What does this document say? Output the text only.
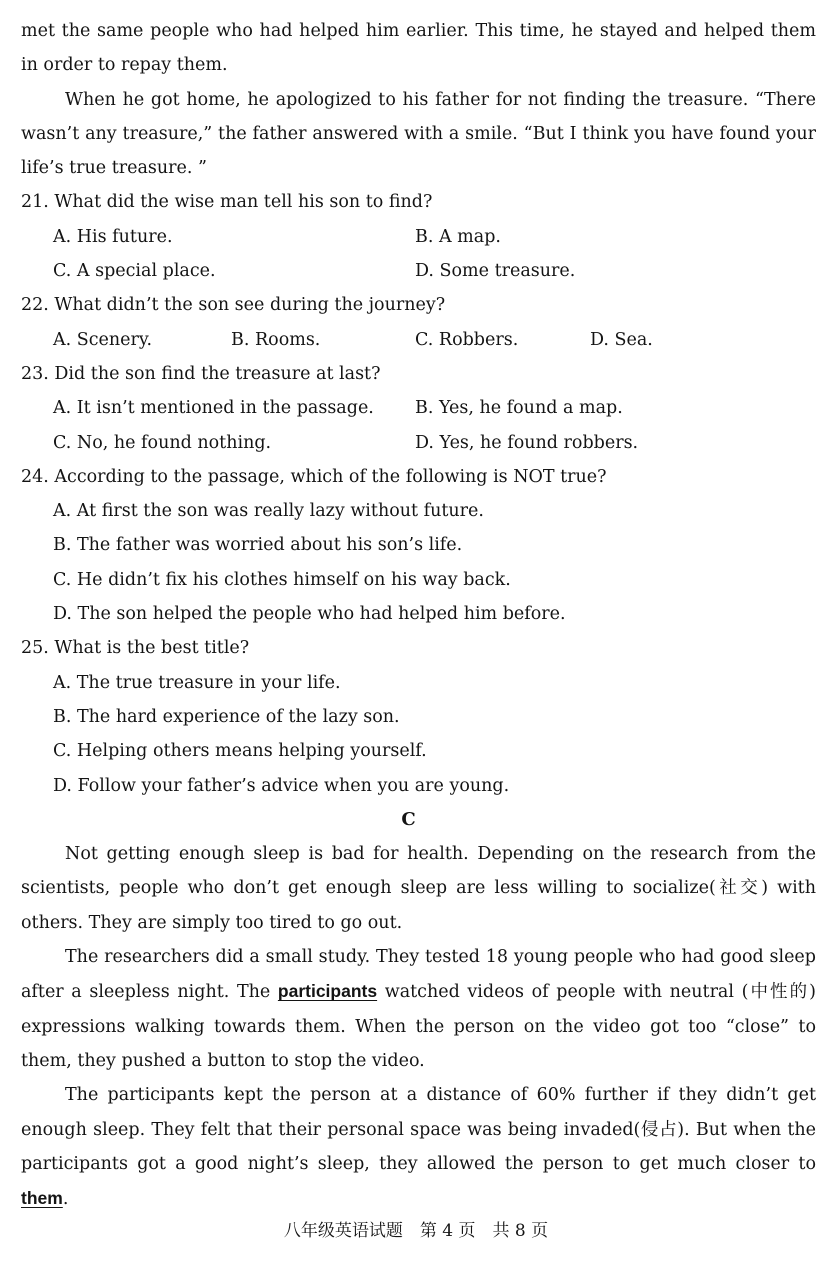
met the same people who had helped him earlier. This time, he stayed and helped them in order to repay them.

When he got home, he apologized to his father for not finding the treasure. “There wasn’t any treasure,” the father answered with a smile. “But I think you have found your life’s true treasure. ”

21. What did the wise man tell his son to find?
A. His future.	B. A map.
C. A special place.	D. Some treasure.
22. What didn’t the son see during the journey?
A. Scenery.	B. Rooms.	C. Robbers.	D. Sea.
23. Did the son find the treasure at last?
A. It isn’t mentioned in the passage.	B. Yes, he found a map.
C. No, he found nothing.	D. Yes, he found robbers.
24. According to the passage, which of the following is NOT true?
A. At first the son was really lazy without future.
B. The father was worried about his son’s life.
C. He didn’t fix his clothes himself on his way back.
D. The son helped the people who had helped him before.
25. What is the best title?
A. The true treasure in your life.
B. The hard experience of the lazy son.
C. Helping others means helping yourself.
D. Follow your father’s advice when you are young.
C

Not getting enough sleep is bad for health. Depending on the research from the scientists, people who don’t get enough sleep are less willing to socialize(社交) with others. They are simply too tired to go out.

The researchers did a small study. They tested 18 young people who had good sleep after a sleepless night. The participants watched videos of people with neutral (中性的) expressions walking towards them. When the person on the video got too “close” to them, they pushed a button to stop the video.

The participants kept the person at a distance of 60% further if they didn’t get enough sleep. They felt that their personal space was being invaded(侵占). But when the participants got a good night’s sleep, they allowed the person to get much closer to them.

八年级英语试题　第 4 页　共 8 页
